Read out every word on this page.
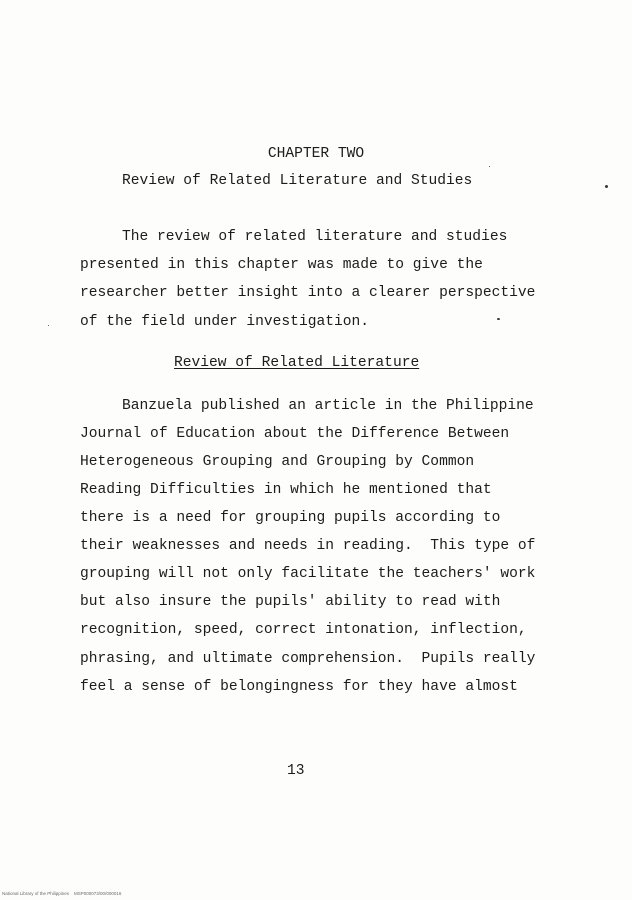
CHAPTER TWO

Review of Related Literature and Studies

The review of related literature and studies

presented in this chapter was made to give the

researcher better insight into a clearer perspective

of the field under investigation.

Review of Related Literature

Banzuela published an article in the Philippine

Journal of Education about the Difference Between

Heterogeneous Grouping and Grouping by Common

Reading Difficulties in which he mentioned that

there is a need for grouping pupils according to

their weaknesses and needs in reading.  This type of

grouping will not only facilitate the teachers' work

but also insure the pupils' ability to read with

recognition, speed, correct intonation, inflection,

phrasing, and ultimate comprehension.  Pupils really

feel a sense of belongingness for they have almost

13

National Library of the Philippines    MSP000073/00/000016
